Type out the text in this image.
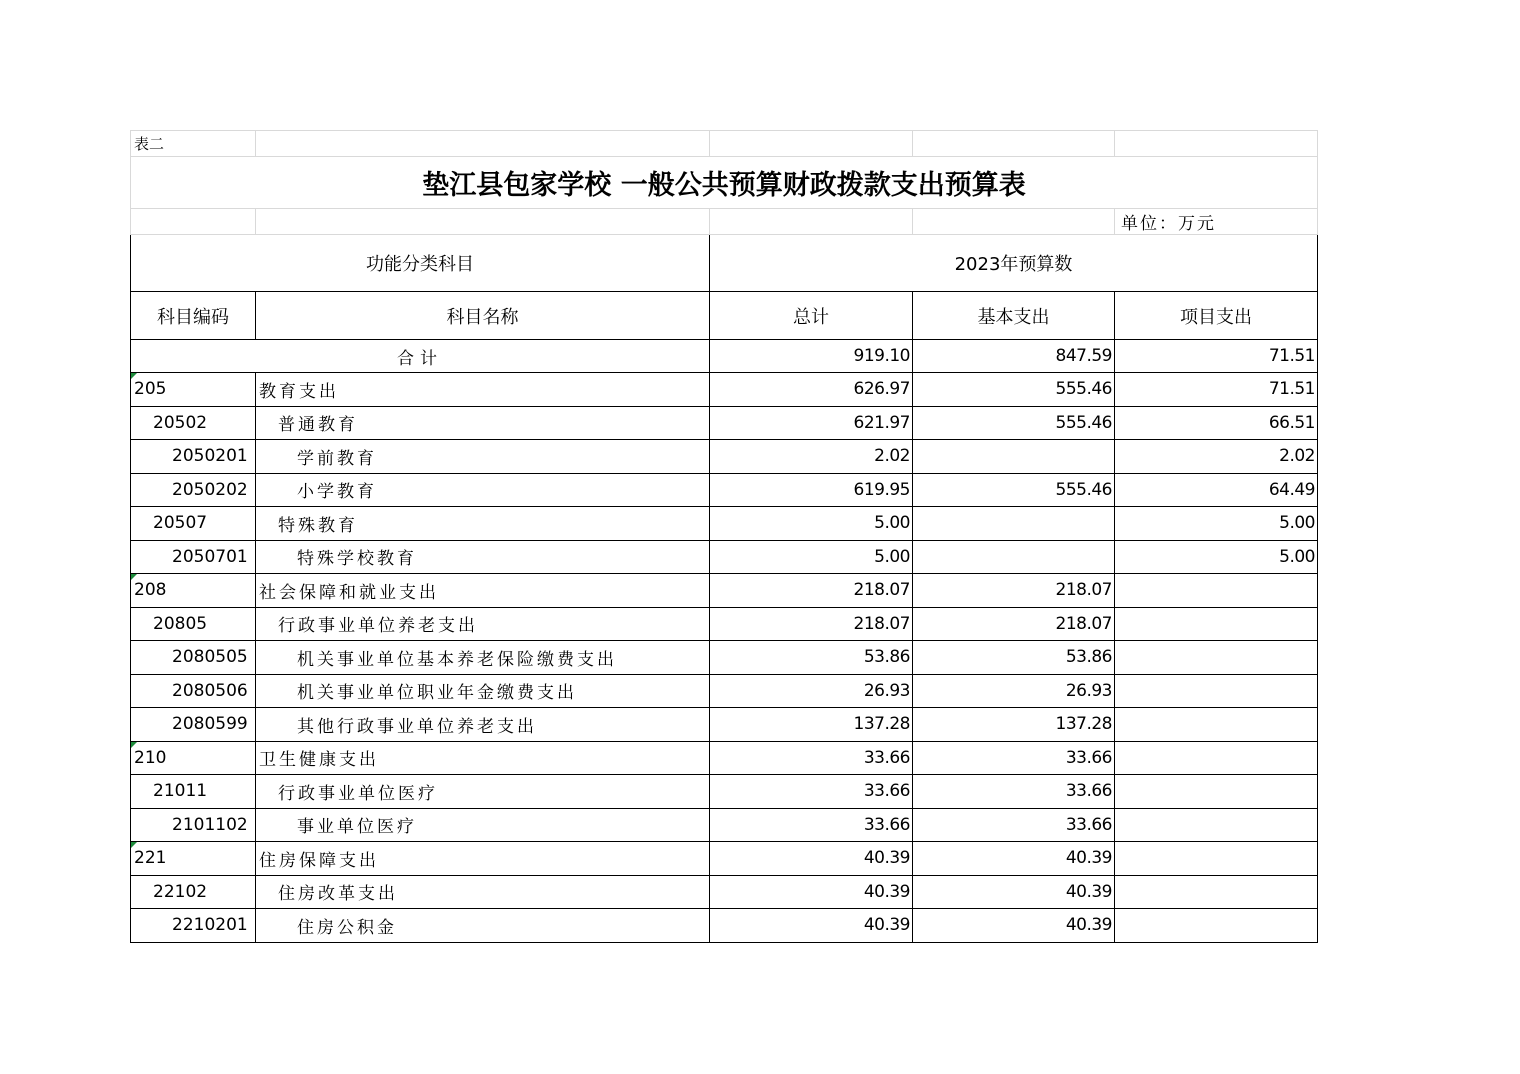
表二				
垫江县包家学校 一般公共预算财政拨款支出预算表				
				单位：万元
功能分类科目		2023年预算数		
科目编码	科目名称	总计	基本支出	项目支出
合计		919.10	847.59	71.51
205	教育支出	626.97	555.46	71.51
20502	普通教育	621.97	555.46	66.51
2050201	学前教育	2.02		2.02
2050202	小学教育	619.95	555.46	64.49
20507	特殊教育	5.00		5.00
2050701	特殊学校教育	5.00		5.00
208	社会保障和就业支出	218.07	218.07	
20805	行政事业单位养老支出	218.07	218.07	
2080505	机关事业单位基本养老保险缴费支出	53.86	53.86	
2080506	机关事业单位职业年金缴费支出	26.93	26.93	
2080599	其他行政事业单位养老支出	137.28	137.28	
210	卫生健康支出	33.66	33.66	
21011	行政事业单位医疗	33.66	33.66	
2101102	事业单位医疗	33.66	33.66	
221	住房保障支出	40.39	40.39	
22102	住房改革支出	40.39	40.39	
2210201	住房公积金	40.39	40.39	
